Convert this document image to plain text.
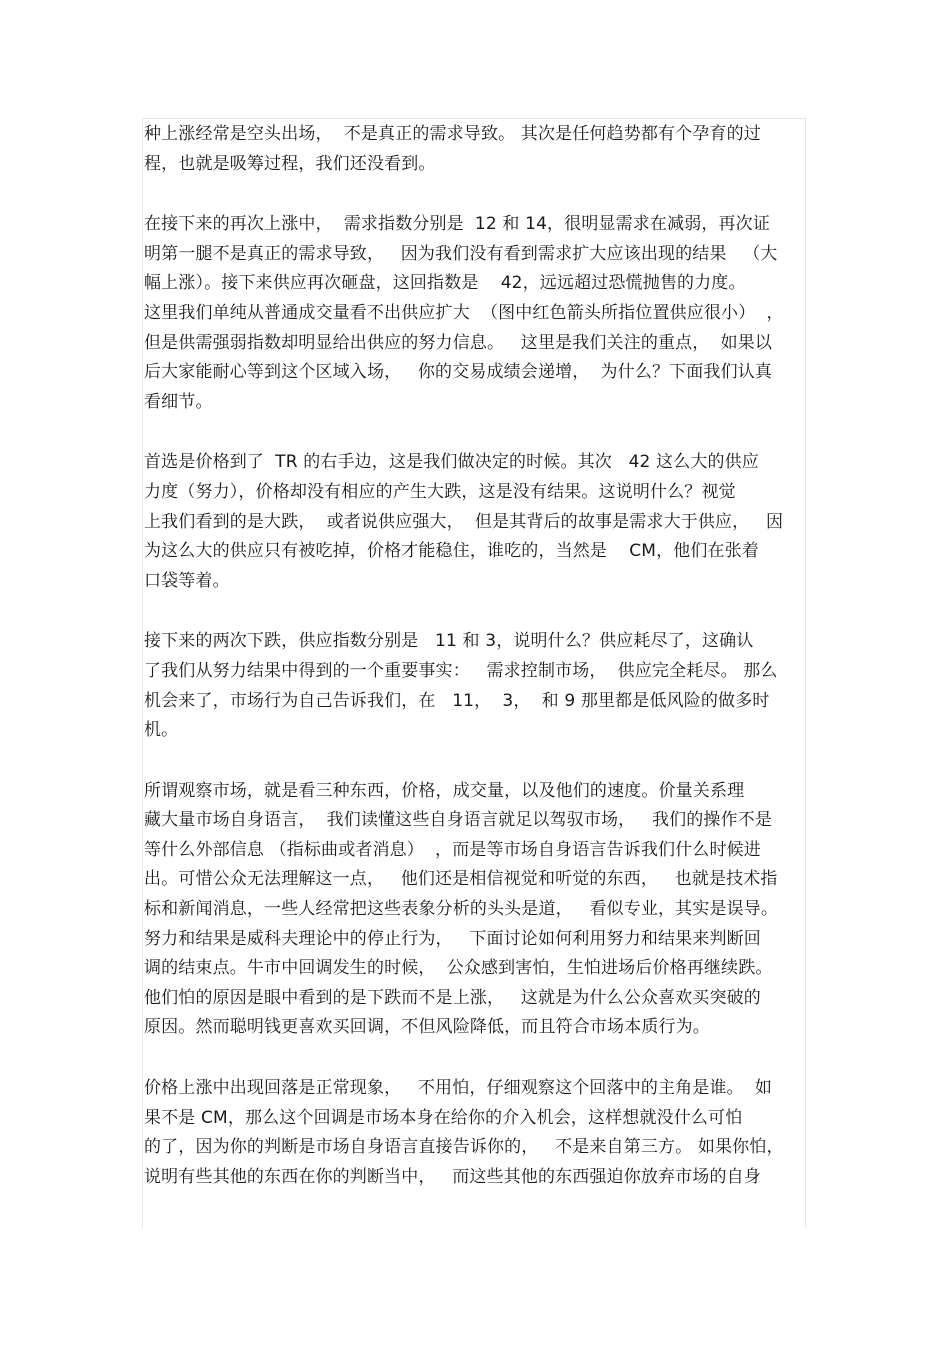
种上涨经常是空头出场，  不是真正的需求导致。 其次是任何趋势都有个孕育的过
程，也就是吸筹过程，我们还没看到。
在接下来的再次上涨中，  需求指数分别是  12 和 14，很明显需求在减弱，再次证
明第一腿不是真正的需求导致，   因为我们没有看到需求扩大应该出现的结果   （大
幅上涨）。接下来供应再次砸盘，这回指数是    42，远远超过恐慌抛售的力度。
这里我们单纯从普通成交量看不出供应扩大  （图中红色箭头所指位置供应很小）  ，
但是供需强弱指数却明显给出供应的努力信息。   这里是我们关注的重点，  如果以
后大家能耐心等到这个区域入场，   你的交易成绩会递增，  为什么？下面我们认真
看细节。
首选是价格到了  TR 的右手边，这是我们做决定的时候。其次   42 这么大的供应
力度（努力），价格却没有相应的产生大跌，这是没有结果。这说明什么？视觉
上我们看到的是大跌，  或者说供应强大，  但是其背后的故事是需求大于供应，   因
为这么大的供应只有被吃掉，价格才能稳住，谁吃的，当然是    CM，他们在张着
口袋等着。
接下来的两次下跌，供应指数分别是   11 和 3，说明什么？供应耗尽了，这确认
了我们从努力结果中得到的一个重要事实：   需求控制市场，  供应完全耗尽。 那么
机会来了，市场行为自己告诉我们，在   11，  3，  和 9 那里都是低风险的做多时
机。
所谓观察市场，就是看三种东西，价格，成交量，以及他们的速度。价量关系理
藏大量市场自身语言，  我们读懂这些自身语言就足以驾驭市场，   我们的操作不是
等什么外部信息 （指标曲或者消息）  ，而是等市场自身语言告诉我们什么时候进
出。可惜公众无法理解这一点，   他们还是相信视觉和听觉的东西，   也就是技术指
标和新闻消息，一些人经常把这些表象分析的头头是道，   看似专业，其实是误导。
努力和结果是威科夫理论中的停止行为，   下面讨论如何利用努力和结果来判断回
调的结束点。牛市中回调发生的时候，  公众感到害怕，生怕进场后价格再继续跌。
他们怕的原因是眼中看到的是下跌而不是上涨，   这就是为什么公众喜欢买突破的
原因。然而聪明钱更喜欢买回调，不但风险降低，而且符合市场本质行为。
价格上涨中出现回落是正常现象，   不用怕，仔细观察这个回落中的主角是谁。  如
果不是 CM，那么这个回调是市场本身在给你的介入机会，这样想就没什么可怕
的了，因为你的判断是市场自身语言直接告诉你的，   不是来自第三方。 如果你怕，
说明有些其他的东西在你的判断当中，   而这些其他的东西强迫你放弃市场的自身
